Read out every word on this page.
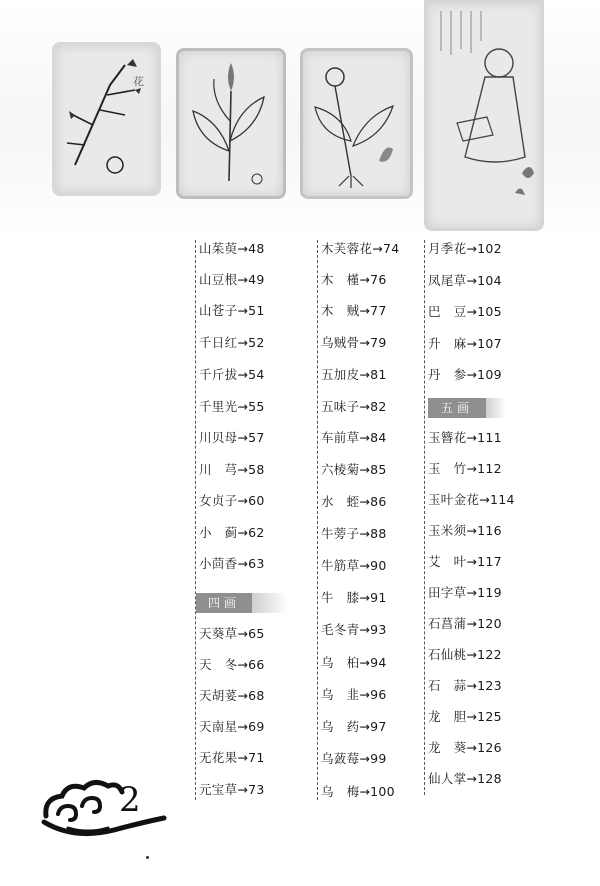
花
山茱萸→48
山豆根→49
山苍子→51
千日红→52
千斤拔→54
千里光→55
川贝母→57
川　芎→58
女贞子→60
小　蓟→62
小茴香→63
四画
天葵草→65
天　冬→66
天胡荽→68
天南星→69
无花果→71
元宝草→73
木芙蓉花→74
木　槿→76
木　贼→77
乌贼骨→79
五加皮→81
五味子→82
车前草→84
六棱菊→85
水　蛭→86
牛蒡子→88
牛筋草→90
牛　膝→91
毛冬青→93
乌　桕→94
乌　韭→96
乌　药→97
乌蔹莓→99
乌　梅→100
月季花→102
凤尾草→104
巴　豆→105
升　麻→107
丹　参→109
五画
玉簪花→111
玉　竹→112
玉叶金花→114
玉米须→116
艾　叶→117
田字草→119
石菖蒲→120
石仙桃→122
石　蒜→123
龙　胆→125
龙　葵→126
仙人掌→128
2
